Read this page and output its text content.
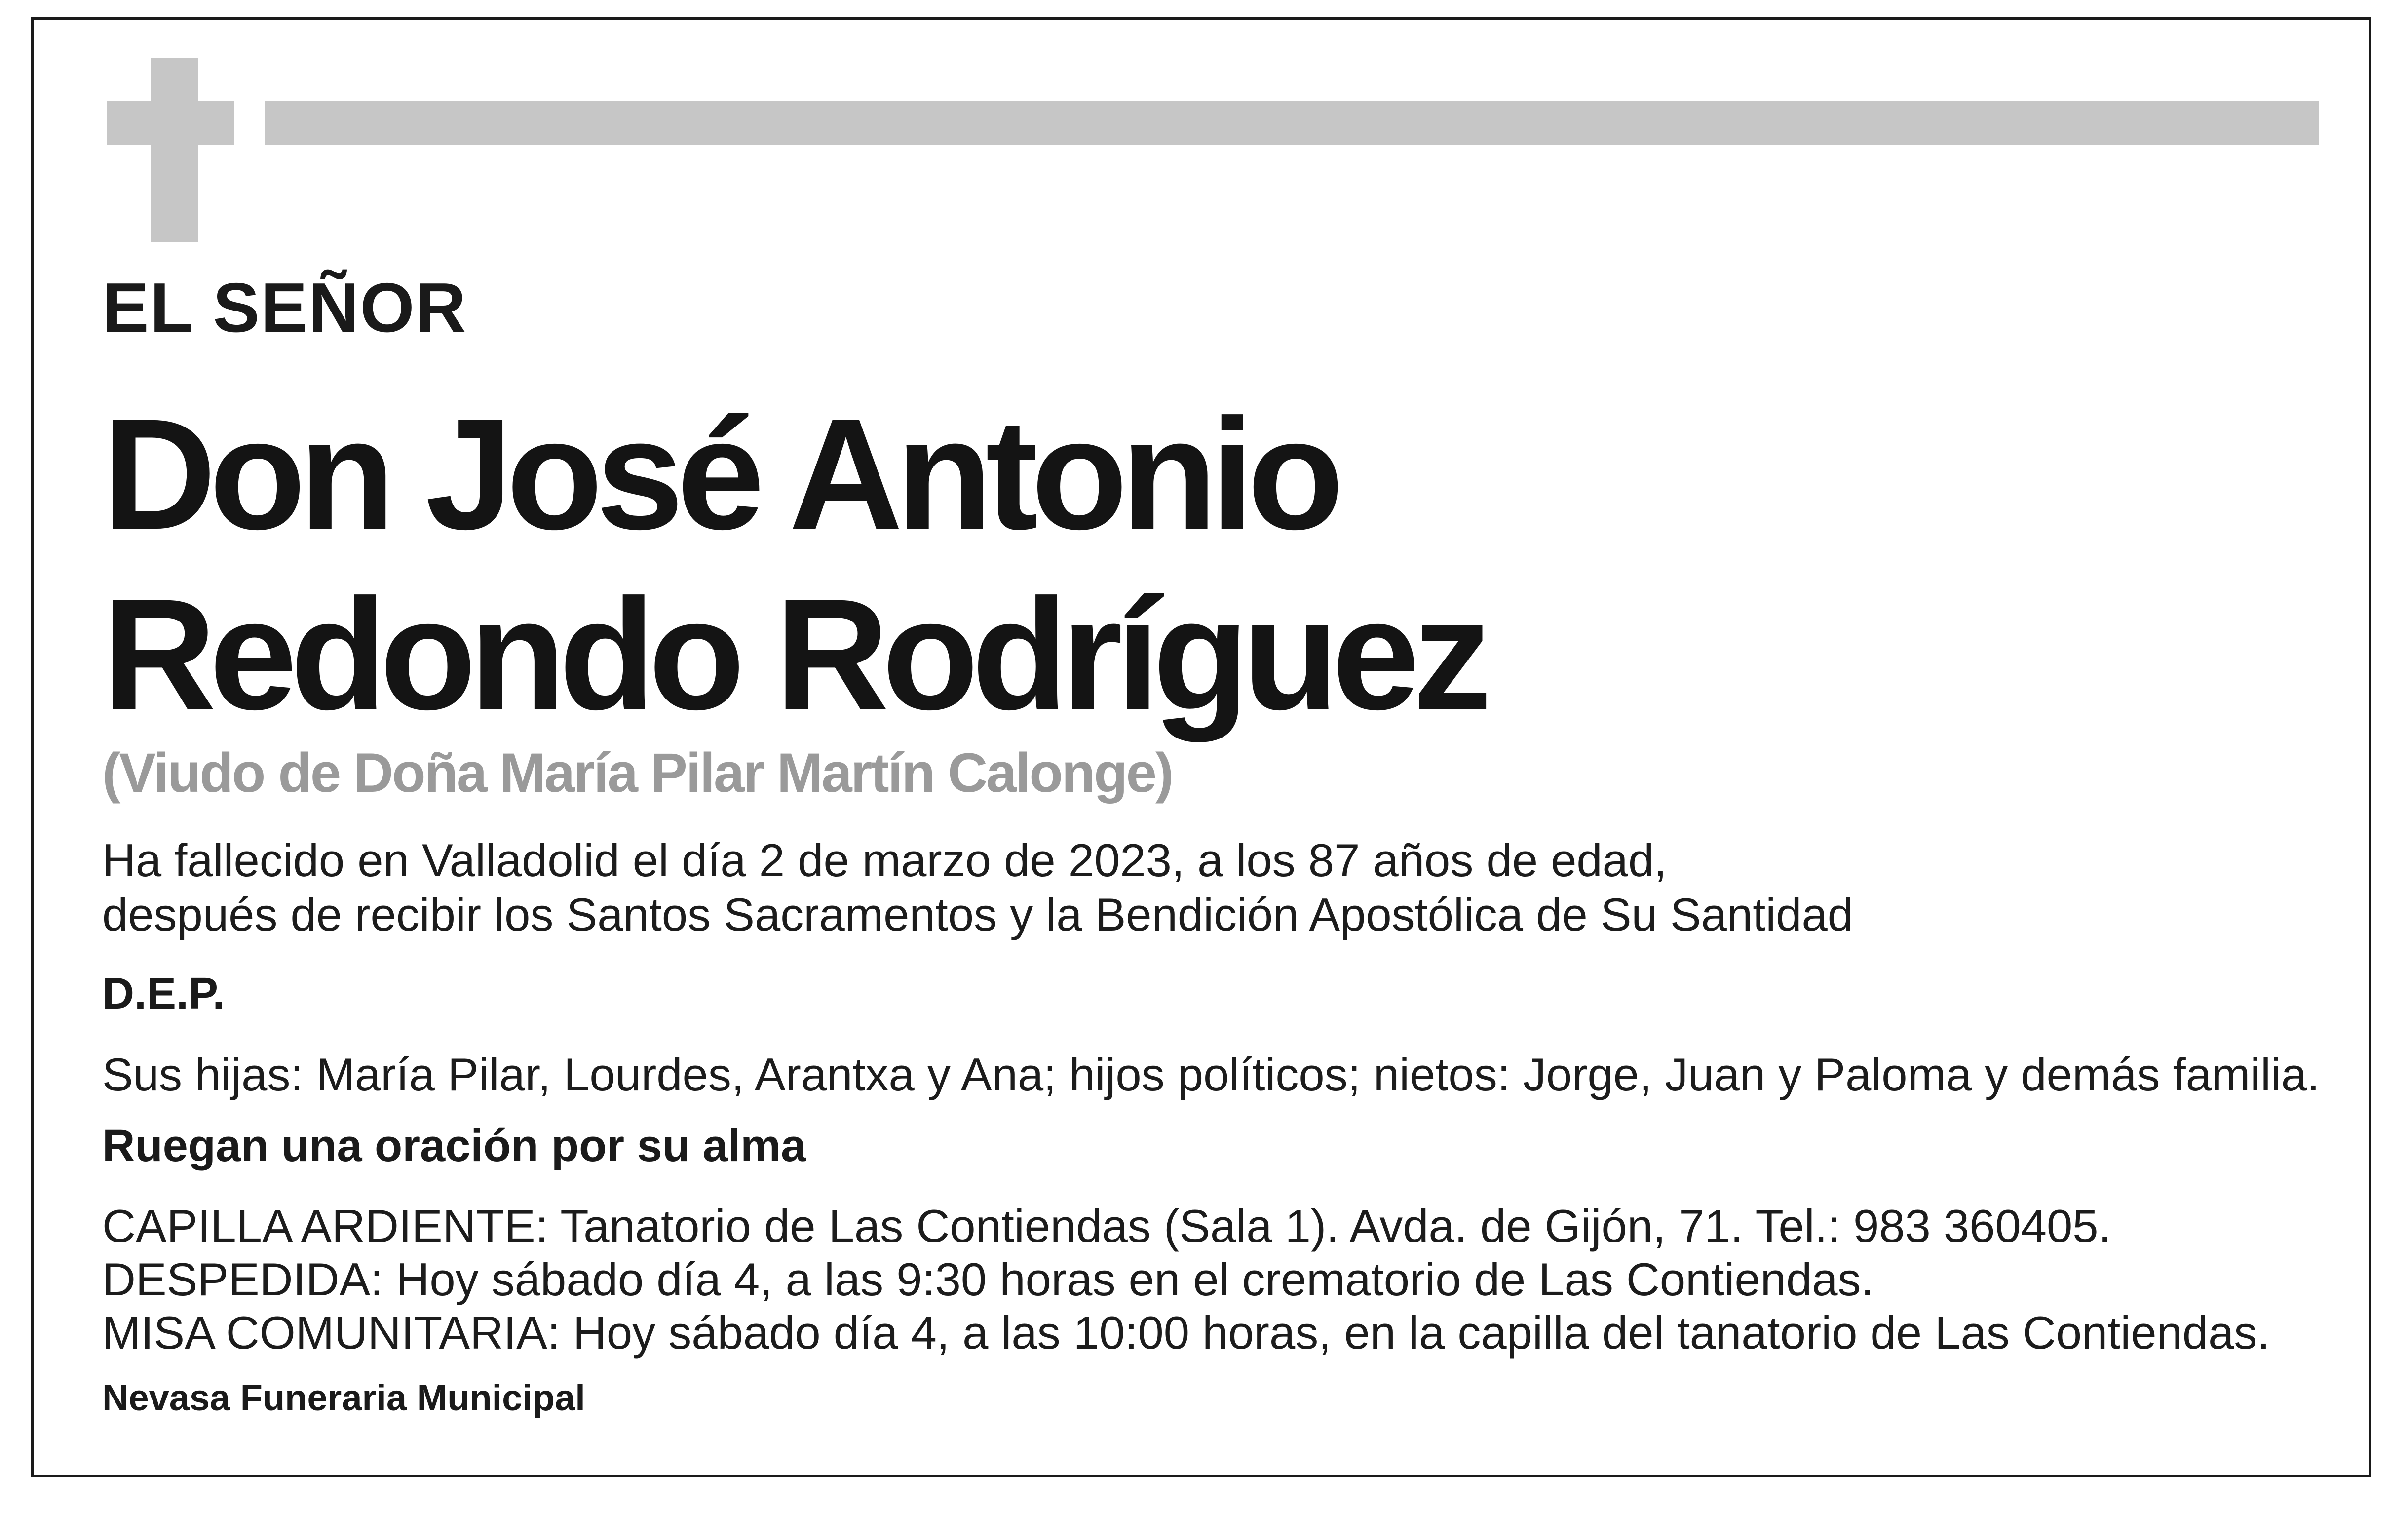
EL SEÑOR
Don José Antonio
Redondo Rodríguez
(Viudo de Doña María Pilar Martín Calonge)
Ha fallecido en Valladolid el día 2 de marzo de 2023, a los 87 años de edad,
después de recibir los Santos Sacramentos y la Bendición Apostólica de Su Santidad
D.E.P.
Sus hijas: María Pilar, Lourdes, Arantxa y Ana; hijos políticos; nietos: Jorge, Juan y Paloma y demás familia.
Ruegan una oración por su alma
CAPILLA ARDIENTE: Tanatorio de Las Contiendas (Sala 1). Avda. de Gijón, 71. Tel.: 983 360405.
DESPEDIDA: Hoy sábado día 4, a las 9:30 horas en el crematorio de Las Contiendas.
MISA COMUNITARIA: Hoy sábado día 4, a las 10:00 horas, en la capilla del tanatorio de Las Contiendas.
Nevasa Funeraria Municipal
